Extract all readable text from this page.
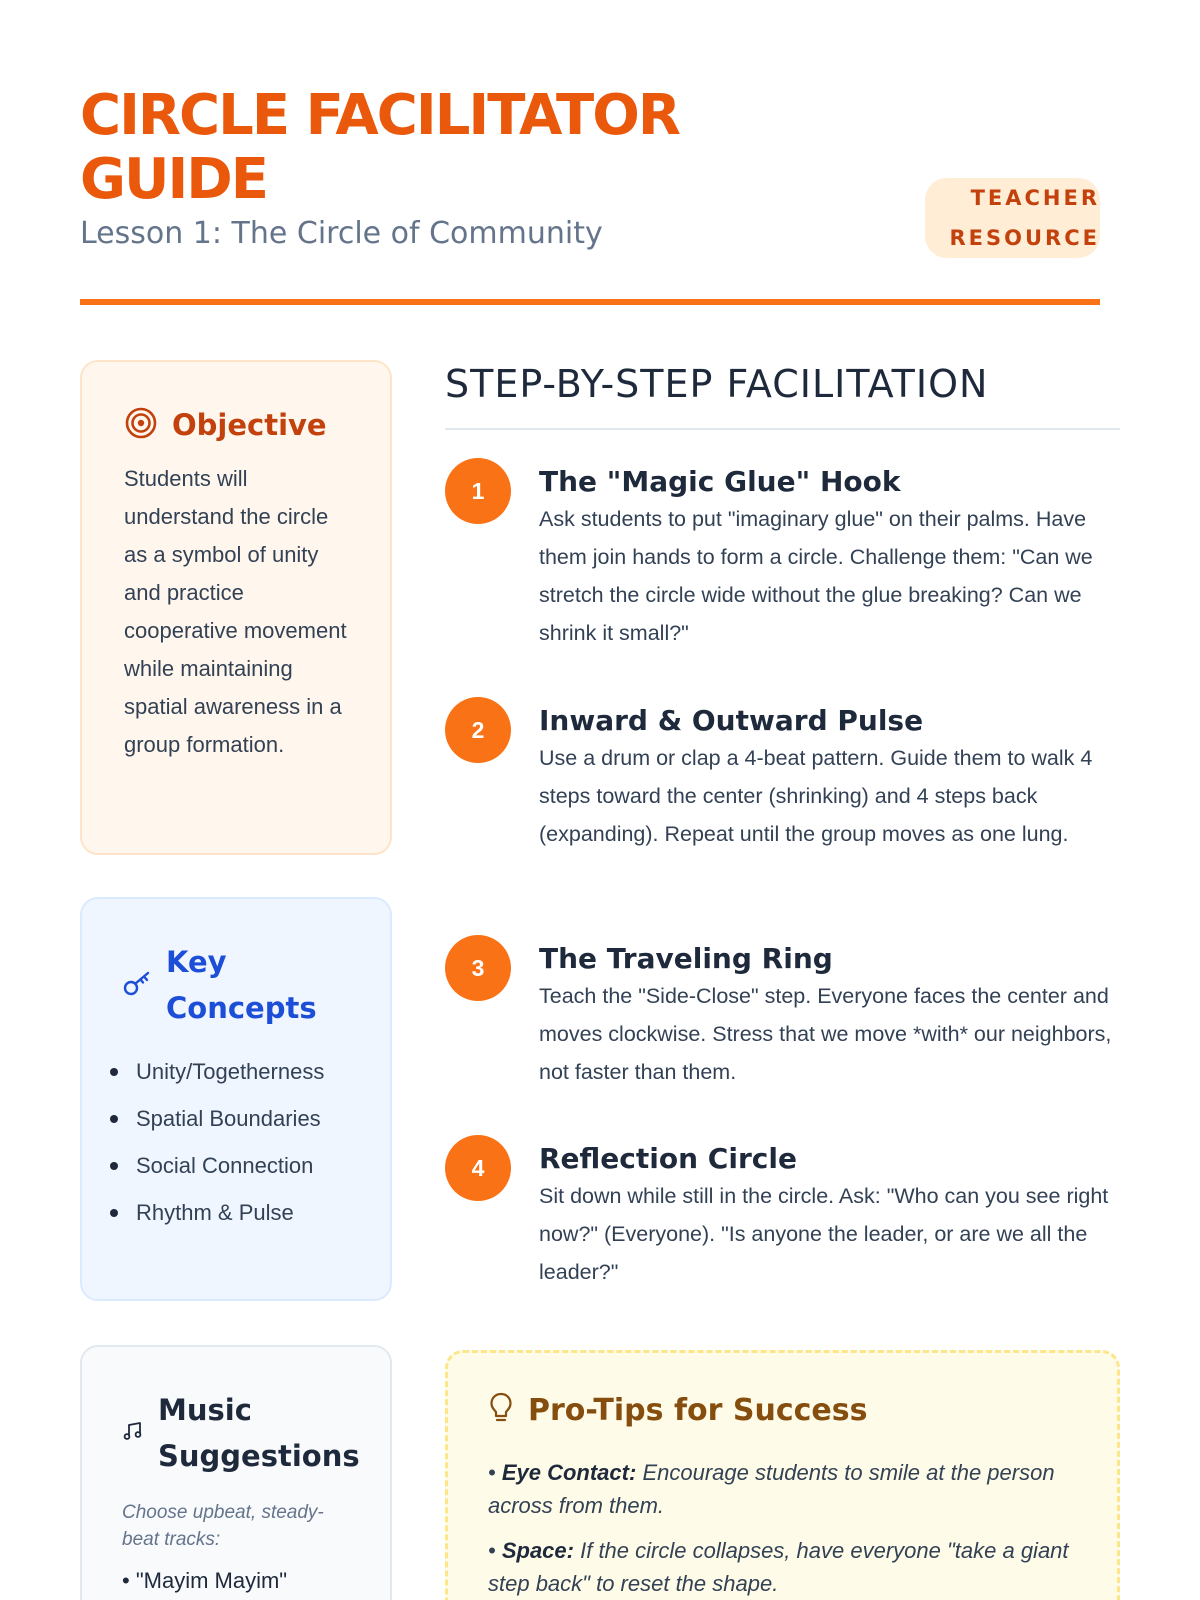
CIRCLE FACILITATOR GUIDE
Lesson 1: The Circle of Community
TEACHER RESOURCE
Objective

Students will understand the circle as a symbol of unity and practice cooperative movement while maintaining spatial awareness in a group formation.

Key Concepts
Unity/Togetherness
Spatial Boundaries
Social Connection
Rhythm & Pulse
Music Suggestions

Choose upbeat, steady-beat tracks:

• "Mayim Mayim"

STEP-BY-STEP FACILITATION
1	The "Magic Glue" Hook

Ask students to put "imaginary glue" on their palms. Have them join hands to form a circle. Challenge them: "Can we stretch the circle wide without the glue breaking? Can we shrink it small?"

2	Inward & Outward Pulse

Use a drum or clap a 4-beat pattern. Guide them to walk 4 steps toward the center (shrinking) and 4 steps back (expanding). Repeat until the group moves as one lung.

3	The Traveling Ring

Teach the "Side-Close" step. Everyone faces the center and moves clockwise. Stress that we move *with* our neighbors, not faster than them.

4	Reflection Circle

Sit down while still in the circle. Ask: "Who can you see right now?" (Everyone). "Is anyone the leader, or are we all the leader?"

Pro-Tips for Success

• Eye Contact: Encourage students to smile at the person across from them.

• Space: If the circle collapses, have everyone "take a giant step back" to reset the shape.
